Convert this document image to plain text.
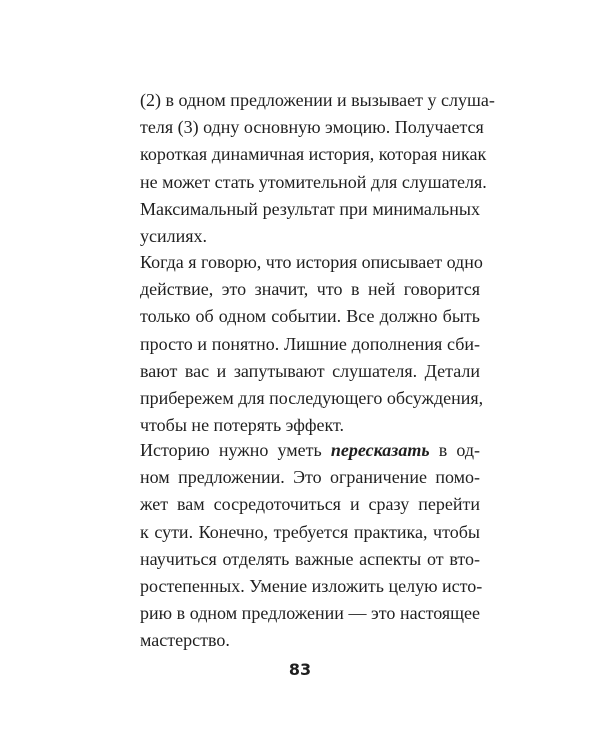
(2) в одном предложении и вызывает у слуша-
теля (3) одну основную эмоцию. Получается
короткая динамичная история, которая никак
не может стать утомительной для слушателя.
Максимальный результат при минимальных
усилиях.
Когда я говорю, что история описывает одно
действие, это значит, что в ней говорится
только об одном событии. Все должно быть
просто и понятно. Лишние дополнения сби-
вают вас и запутывают слушателя. Детали
прибережем для последующего обсуждения,
чтобы не потерять эффект.
Историю нужно уметь пересказать в од-
ном предложении. Это ограничение помо-
жет вам сосредоточиться и сразу перейти
к сути. Конечно, требуется практика, чтобы
научиться отделять важные аспекты от вто-
ростепенных. Умение изложить целую исто-
рию в одном предложении — это настоящее
мастерство.
83
